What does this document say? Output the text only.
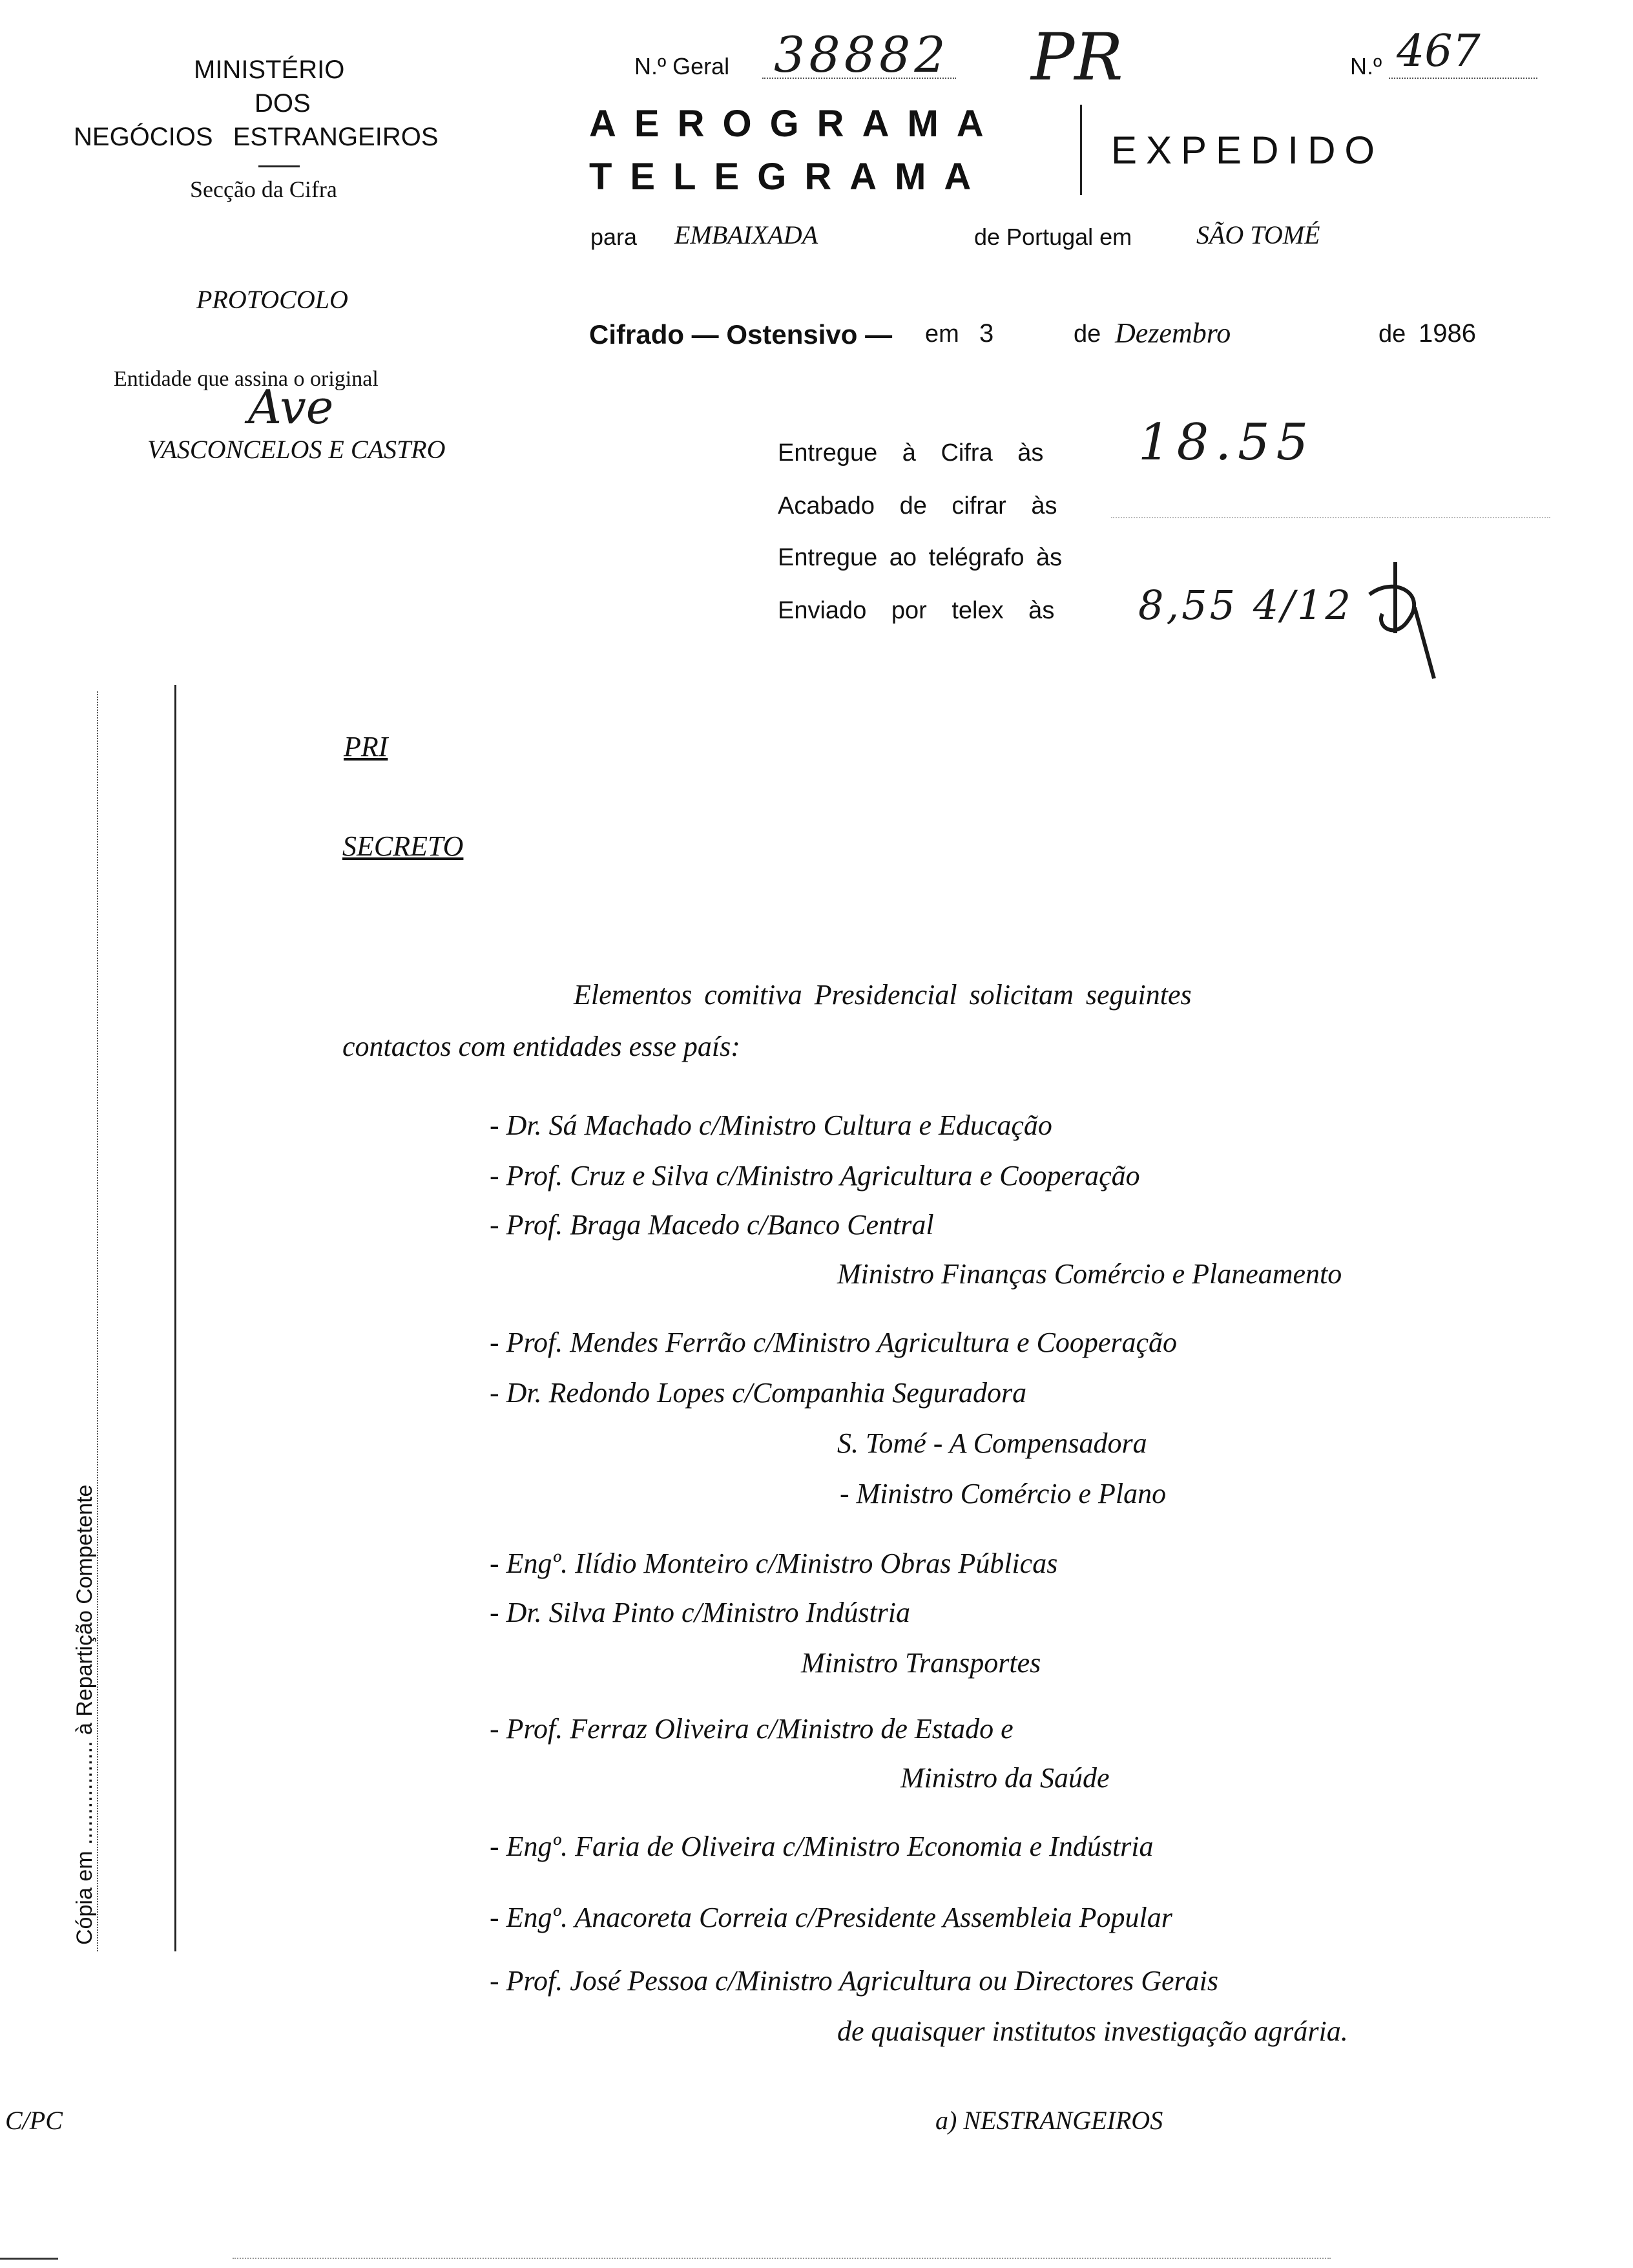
MINISTÉRIO
DOS
NEGÓCIOS ESTRANGEIROS
Secção da Cifra
PROTOCOLO
Entidade que assina o original
Ave
VASCONCELOS E CASTRO
N.º Geral 38882 PR	N.º 467
AEROGRAMA
TELEGRAMA
EXPEDIDO
para EMBAIXADA	de Portugal em SÃO TOMÉ
Cifrado — Ostensivo — em 3	de Dezembro	de 1986
Entregue à Cifra às 18.55
Acabado de cifrar às
Entregue ao telégrafo às
Enviado por telex às 8,55 4/12
Cópia em ................. à Repartição Competente
PRI
SECRETO
Elementos comitiva Presidencial solicitam seguintes
contactos com entidades esse país:
- Dr. Sá Machado c/Ministro Cultura e Educação
- Prof. Cruz e Silva c/Ministro Agricultura e Cooperação
- Prof. Braga Macedo c/Banco Central
Ministro Finanças Comércio e Planeamento
- Prof. Mendes Ferrão c/Ministro Agricultura e Cooperação
- Dr. Redondo Lopes c/Companhia Seguradora
S. Tomé - A Compensadora
- Ministro Comércio e Plano
- Engº. Ilídio Monteiro c/Ministro Obras Públicas
- Dr. Silva Pinto c/Ministro Indústria
Ministro Transportes
- Prof. Ferraz Oliveira c/Ministro de Estado e
Ministro da Saúde
- Engº. Faria de Oliveira c/Ministro Economia e Indústria
- Engº. Anacoreta Correia c/Presidente Assembleia Popular
- Prof. José Pessoa c/Ministro Agricultura ou Directores Gerais
de quaisquer institutos investigação agrária.
C/PC	a) NESTRANGEIROS
